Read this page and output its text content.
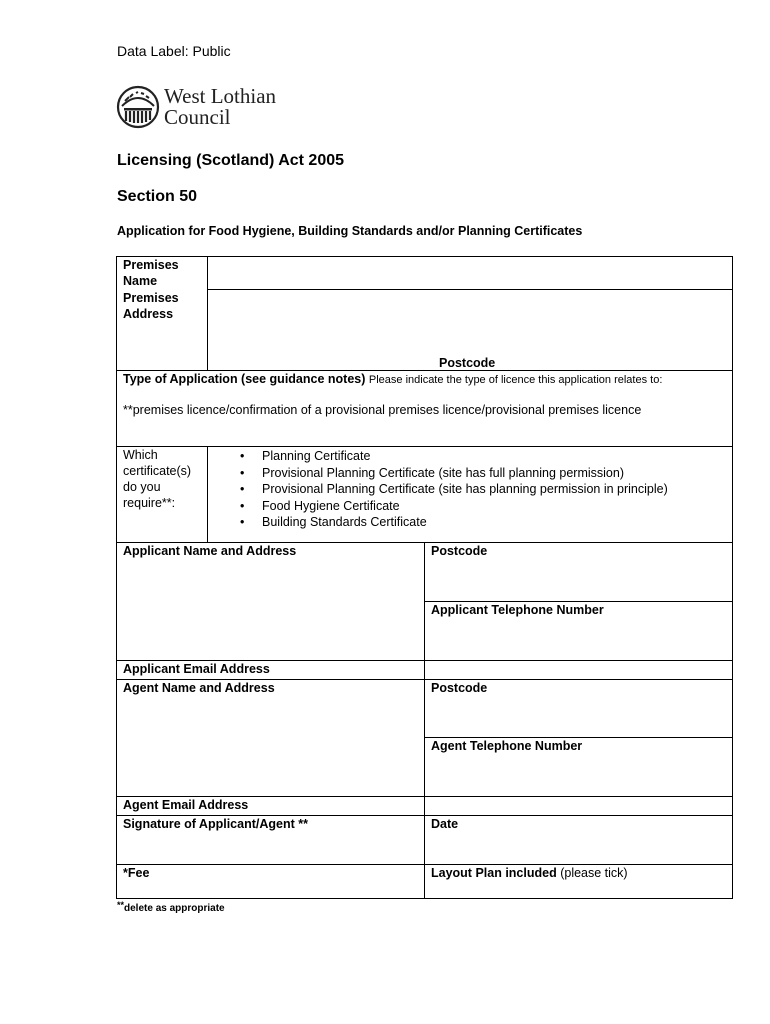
Data Label: Public
West Lothian
Council
Licensing (Scotland) Act 2005
Section 50
Application for Food Hygiene, Building Standards and/or Planning Certificates
Premises Name
Premises Address
Postcode
Type of Application (see guidance notes) Please indicate the type of licence this application relates to:
**premises licence/confirmation of a provisional premises licence/provisional premises licence
Which certificate(s) do you require**:
• Planning Certificate
• Provisional Planning Certificate (site has full planning permission)
• Provisional Planning Certificate (site has planning permission in principle)
• Food Hygiene Certificate
• Building Standards Certificate
Applicant Name and Address	Postcode
Applicant Telephone Number
Applicant Email Address
Agent Name and Address	Postcode
Agent Telephone Number
Agent Email Address
Signature of Applicant/Agent **	Date
*Fee	Layout Plan included (please tick)
**delete as appropriate
